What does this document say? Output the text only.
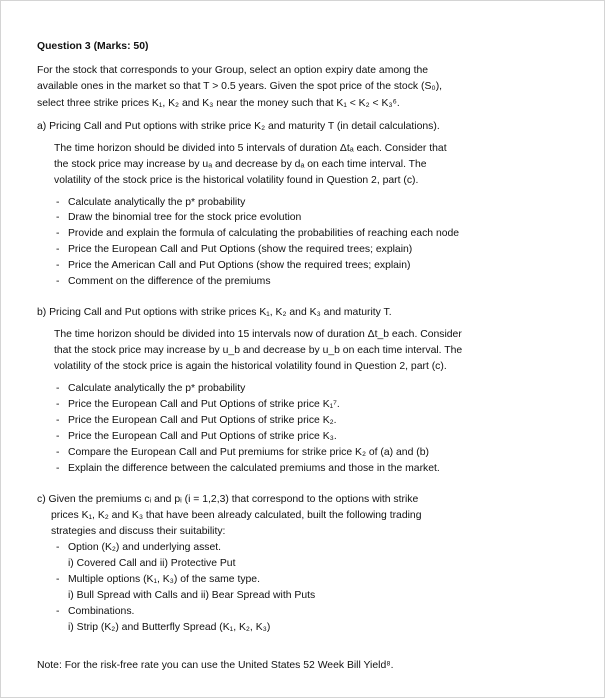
Question 3 (Marks: 50)
For the stock that corresponds to your Group, select an option expiry date among the
available ones in the market so that T > 0.5 years. Given the spot price of the stock (S₀),
select three strike prices K₁, K₂ and K₃ near the money such that K₁ < K₂ < K₃⁶.
a) Pricing Call and Put options with strike price K₂ and maturity T (in detail calculations).
The time horizon should be divided into 5 intervals of duration Δtₐ each. Consider that
the stock price may increase by uₐ and decrease by dₐ on each time interval. The
volatility of the stock price is the historical volatility found in Question 2, part (c).
- Calculate analytically the p* probability
- Draw the binomial tree for the stock price evolution
- Provide and explain the formula of calculating the probabilities of reaching each node
- Price the European Call and Put Options (show the required trees; explain)
- Price the American Call and Put Options (show the required trees; explain)
- Comment on the difference of the premiums
b) Pricing Call and Put options with strike prices K₁, K₂ and K₃ and maturity T.
The time horizon should be divided into 15 intervals now of duration Δt_b each. Consider
that the stock price may increase by u_b and decrease by u_b on each time interval. The
volatility of the stock price is again the historical volatility found in Question 2, part (c).
- Calculate analytically the p* probability
- Price the European Call and Put Options of strike price K₁⁷.
- Price the European Call and Put Options of strike price K₂.
- Price the European Call and Put Options of strike price K₃.
- Compare the European Call and Put premiums for strike price K₂ of (a) and (b)
- Explain the difference between the calculated premiums and those in the market.
c) Given the premiums cᵢ and pᵢ (i = 1,2,3) that correspond to the options with strike
prices K₁, K₂ and K₃ that have been already calculated, built the following trading
strategies and discuss their suitability:
- Option (K₂) and underlying asset.
i) Covered Call and ii) Protective Put
- Multiple options (K₁, K₃) of the same type.
i) Bull Spread with Calls and ii) Bear Spread with Puts
- Combinations.
i) Strip (K₂) and Butterfly Spread (K₁, K₂, K₃)
Note: For the risk-free rate you can use the United States 52 Week Bill Yield⁸.
